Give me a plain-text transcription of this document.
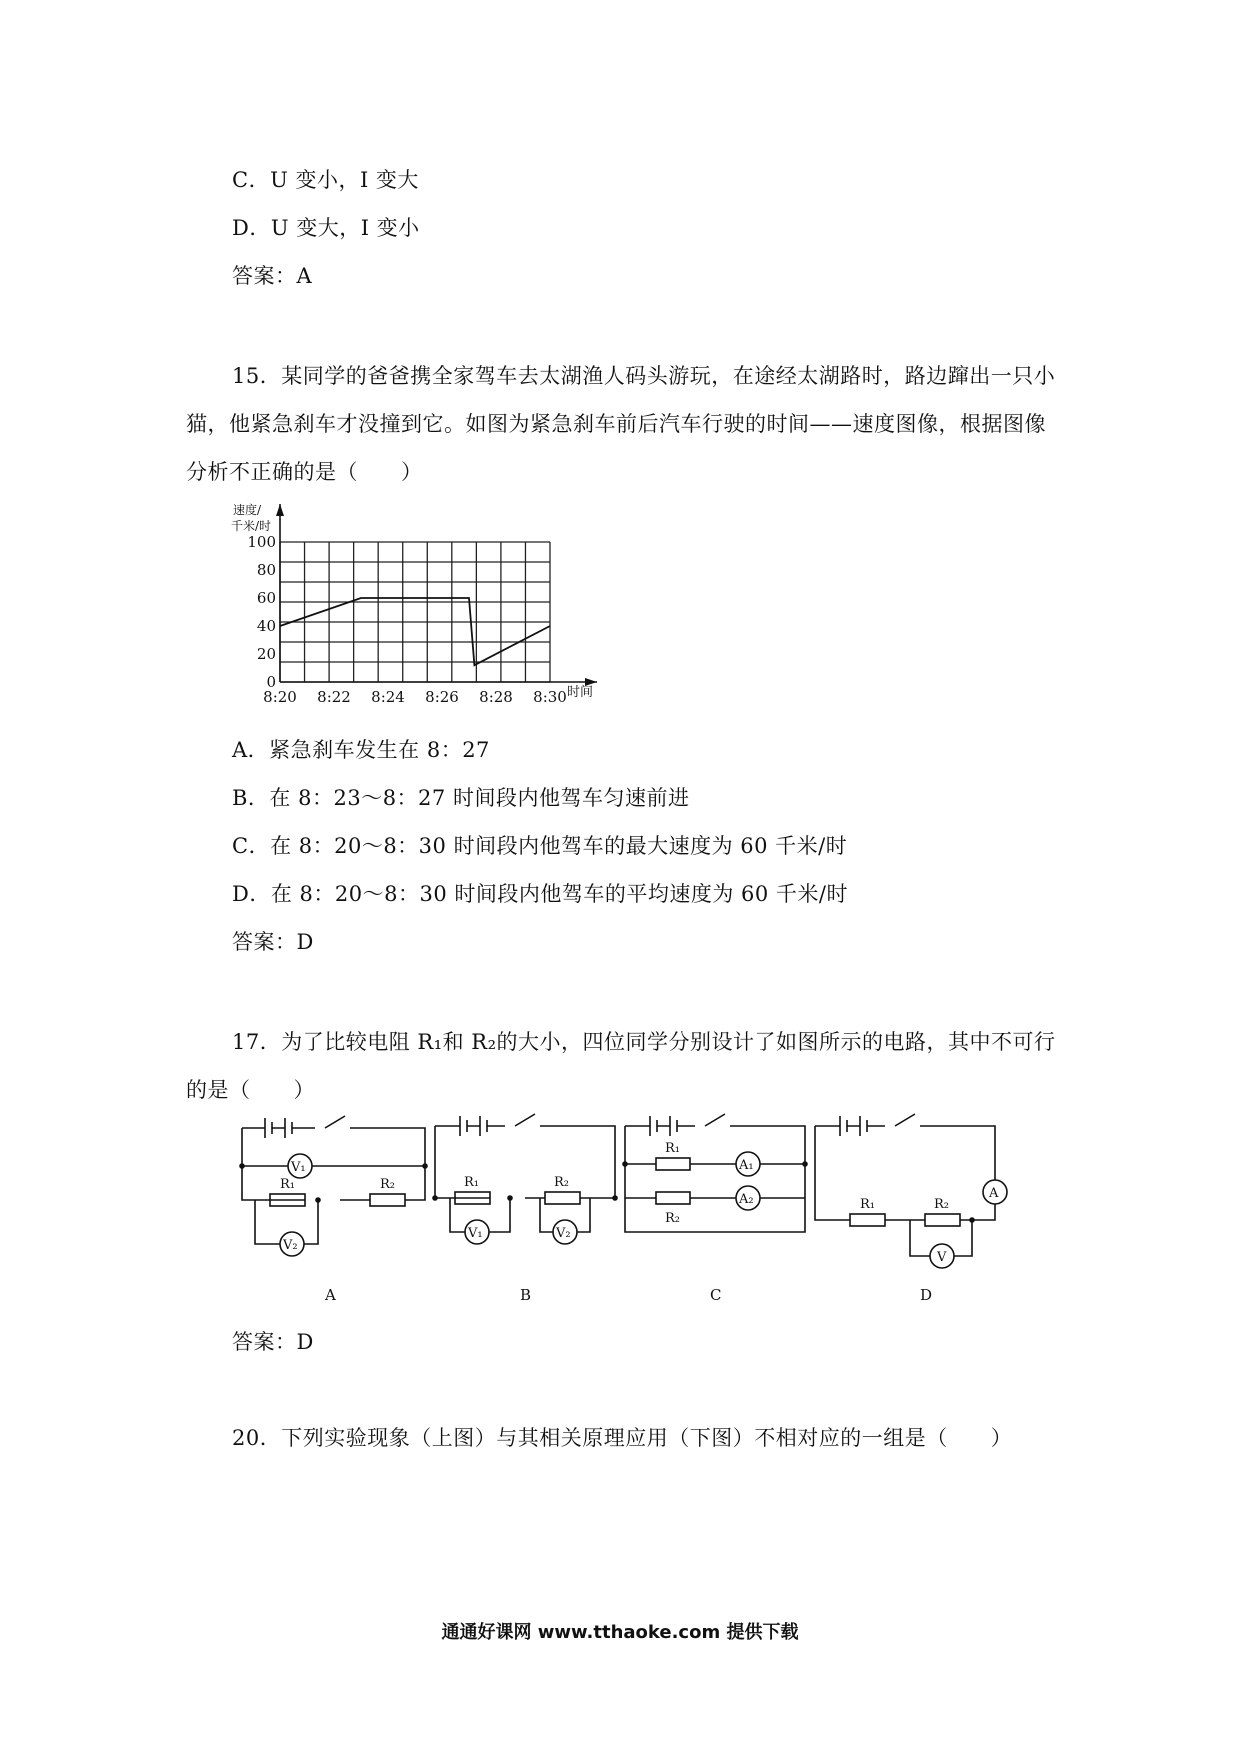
C．U 变小，I 变大
D．U 变大，I 变小
答案：A
15．某同学的爸爸携全家驾车去太湖渔人码头游玩，在途经太湖路时，路边蹿出一只小
猫，他紧急刹车才没撞到它。如图为紧急刹车前后汽车行驶的时间——速度图像，根据图像
分析不正确的是（　　）
0
20
40
60
80
100
8:20 8:22 8:24 8:26 8:28 8:30
速度/
千米/时
时间
A．紧急刹车发生在 8：27
B．在 8：23～8：27 时间段内他驾车匀速前进
C．在 8：20～8：30 时间段内他驾车的最大速度为 60 千米/时
D．在 8：20～8：30 时间段内他驾车的平均速度为 60 千米/时
答案：D
17．为了比较电阻 R₁和 R₂的大小，四位同学分别设计了如图所示的电路，其中不可行
的是（　　）
V₁
R₁	R₂
V₂
A
R₁	R₂
V₁	V₂
B
R₁
A₁
R₂
A₂
C
A
R₁	R₂
V
D
答案：D
20．下列实验现象（上图）与其相关原理应用（下图）不相对应的一组是（　　）
通通好课网 www.tthaoke.com 提供下载
